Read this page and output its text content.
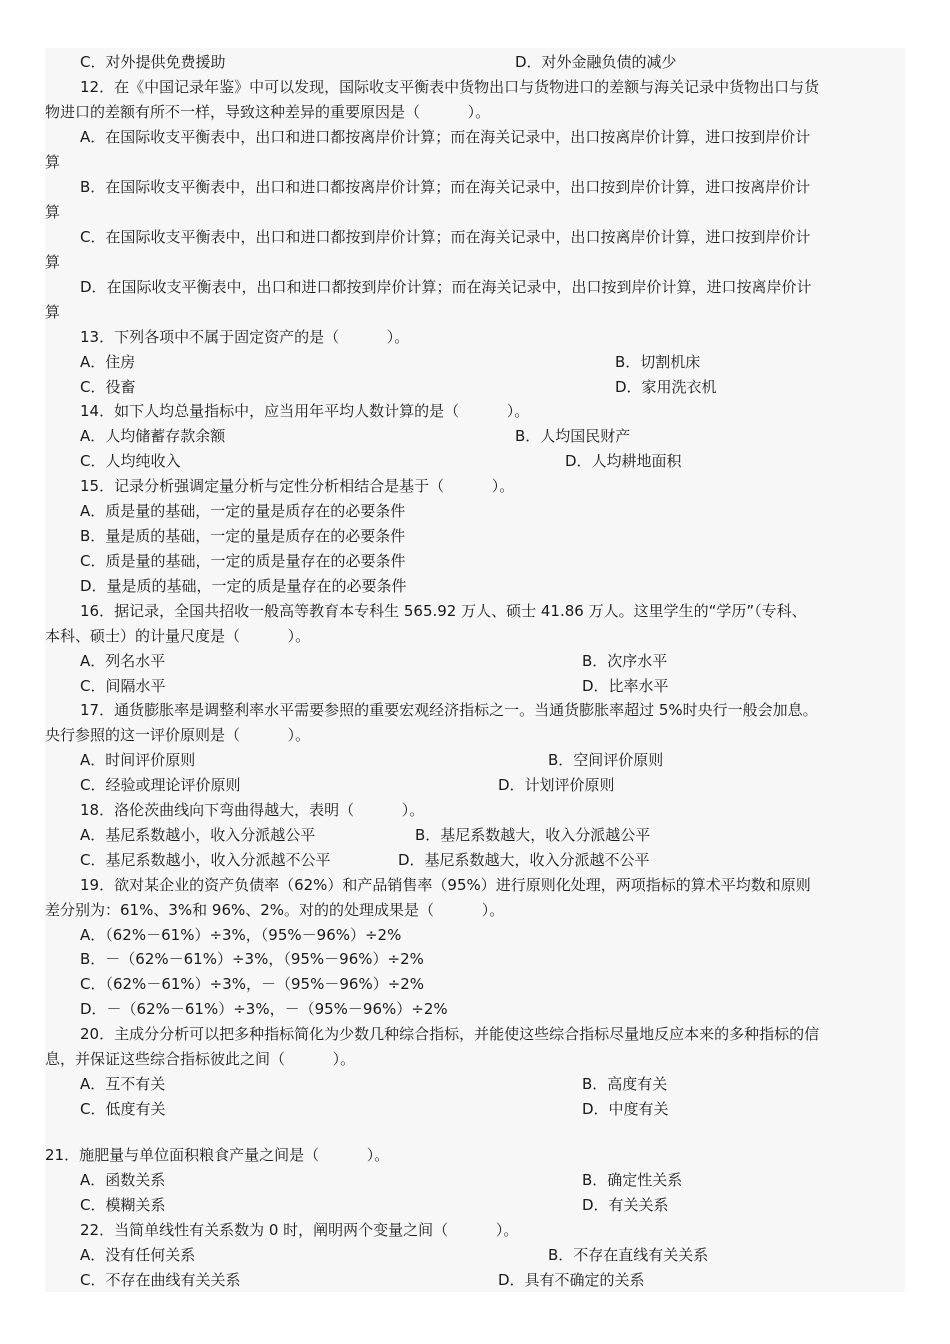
C．对外提供免费援助	D．对外金融负债的减少
12．在《中国记录年鉴》中可以发现，国际收支平衡表中货物出口与货物进口的差额与海关记录中货物出口与货
物进口的差额有所不一样，导致这种差异的重要原因是（          ）。
A．在国际收支平衡表中，出口和进口都按离岸价计算；而在海关记录中，出口按离岸价计算，进口按到岸价计
算
B．在国际收支平衡表中，出口和进口都按离岸价计算；而在海关记录中，出口按到岸价计算，进口按离岸价计
算
C．在国际收支平衡表中，出口和进口都按到岸价计算；而在海关记录中，出口按离岸价计算，进口按到岸价计
算
D．在国际收支平衡表中，出口和进口都按到岸价计算；而在海关记录中，出口按到岸价计算，进口按离岸价计
算
13．下列各项中不属于固定资产的是（          ）。
A．住房	B．切割机床
C．役畜	D．家用洗衣机
14．如下人均总量指标中，应当用年平均人数计算的是（          ）。
A．人均储蓄存款余额	B．人均国民财产
C．人均纯收入	D．人均耕地面积
15．记录分析强调定量分析与定性分析相结合是基于（          ）。
A．质是量的基础，一定的量是质存在的必要条件
B．量是质的基础，一定的量是质存在的必要条件
C．质是量的基础，一定的质是量存在的必要条件
D．量是质的基础，一定的质是量存在的必要条件
16．据记录，全国共招收一般高等教育本专科生 565.92 万人、硕士 41.86 万人。这里学生的“学历”（专科、
本科、硕士）的计量尺度是（          ）。
A．列名水平	B．次序水平
C．间隔水平	D．比率水平
17．通货膨胀率是调整利率水平需要参照的重要宏观经济指标之一。当通货膨胀率超过 5%时央行一般会加息。
央行参照的这一评价原则是（          ）。
A．时间评价原则	B．空间评价原则
C．经验或理论评价原则	D．计划评价原则
18．洛伦茨曲线向下弯曲得越大，表明（          ）。
A．基尼系数越小，收入分派越公平	B．基尼系数越大，收入分派越公平
C．基尼系数越小，收入分派越不公平	D．基尼系数越大，收入分派越不公平
19．欲对某企业的资产负债率（62%）和产品销售率（95%）进行原则化处理，两项指标的算术平均数和原则
差分别为：61%、3%和 96%、2%。对的的处理成果是（          ）。
A．（62%－61%）÷3%，（95%－96%）÷2%
B．－（62%－61%）÷3%，（95%－96%）÷2%
C．（62%－61%）÷3%，－（95%－96%）÷2%
D．－（62%－61%）÷3%，－（95%－96%）÷2%
20．主成分分析可以把多种指标简化为少数几种综合指标，并能使这些综合指标尽量地反应本来的多种指标的信
息，并保证这些综合指标彼此之间（          ）。
A．互不有关	B．高度有关
C．低度有关	D．中度有关
21．施肥量与单位面积粮食产量之间是（          ）。
A．函数关系	B．确定性关系
C．模糊关系	D．有关关系
22．当简单线性有关系数为 0 时，阐明两个变量之间（          ）。
A．没有任何关系	B．不存在直线有关关系
C．不存在曲线有关关系	D．具有不确定的关系
